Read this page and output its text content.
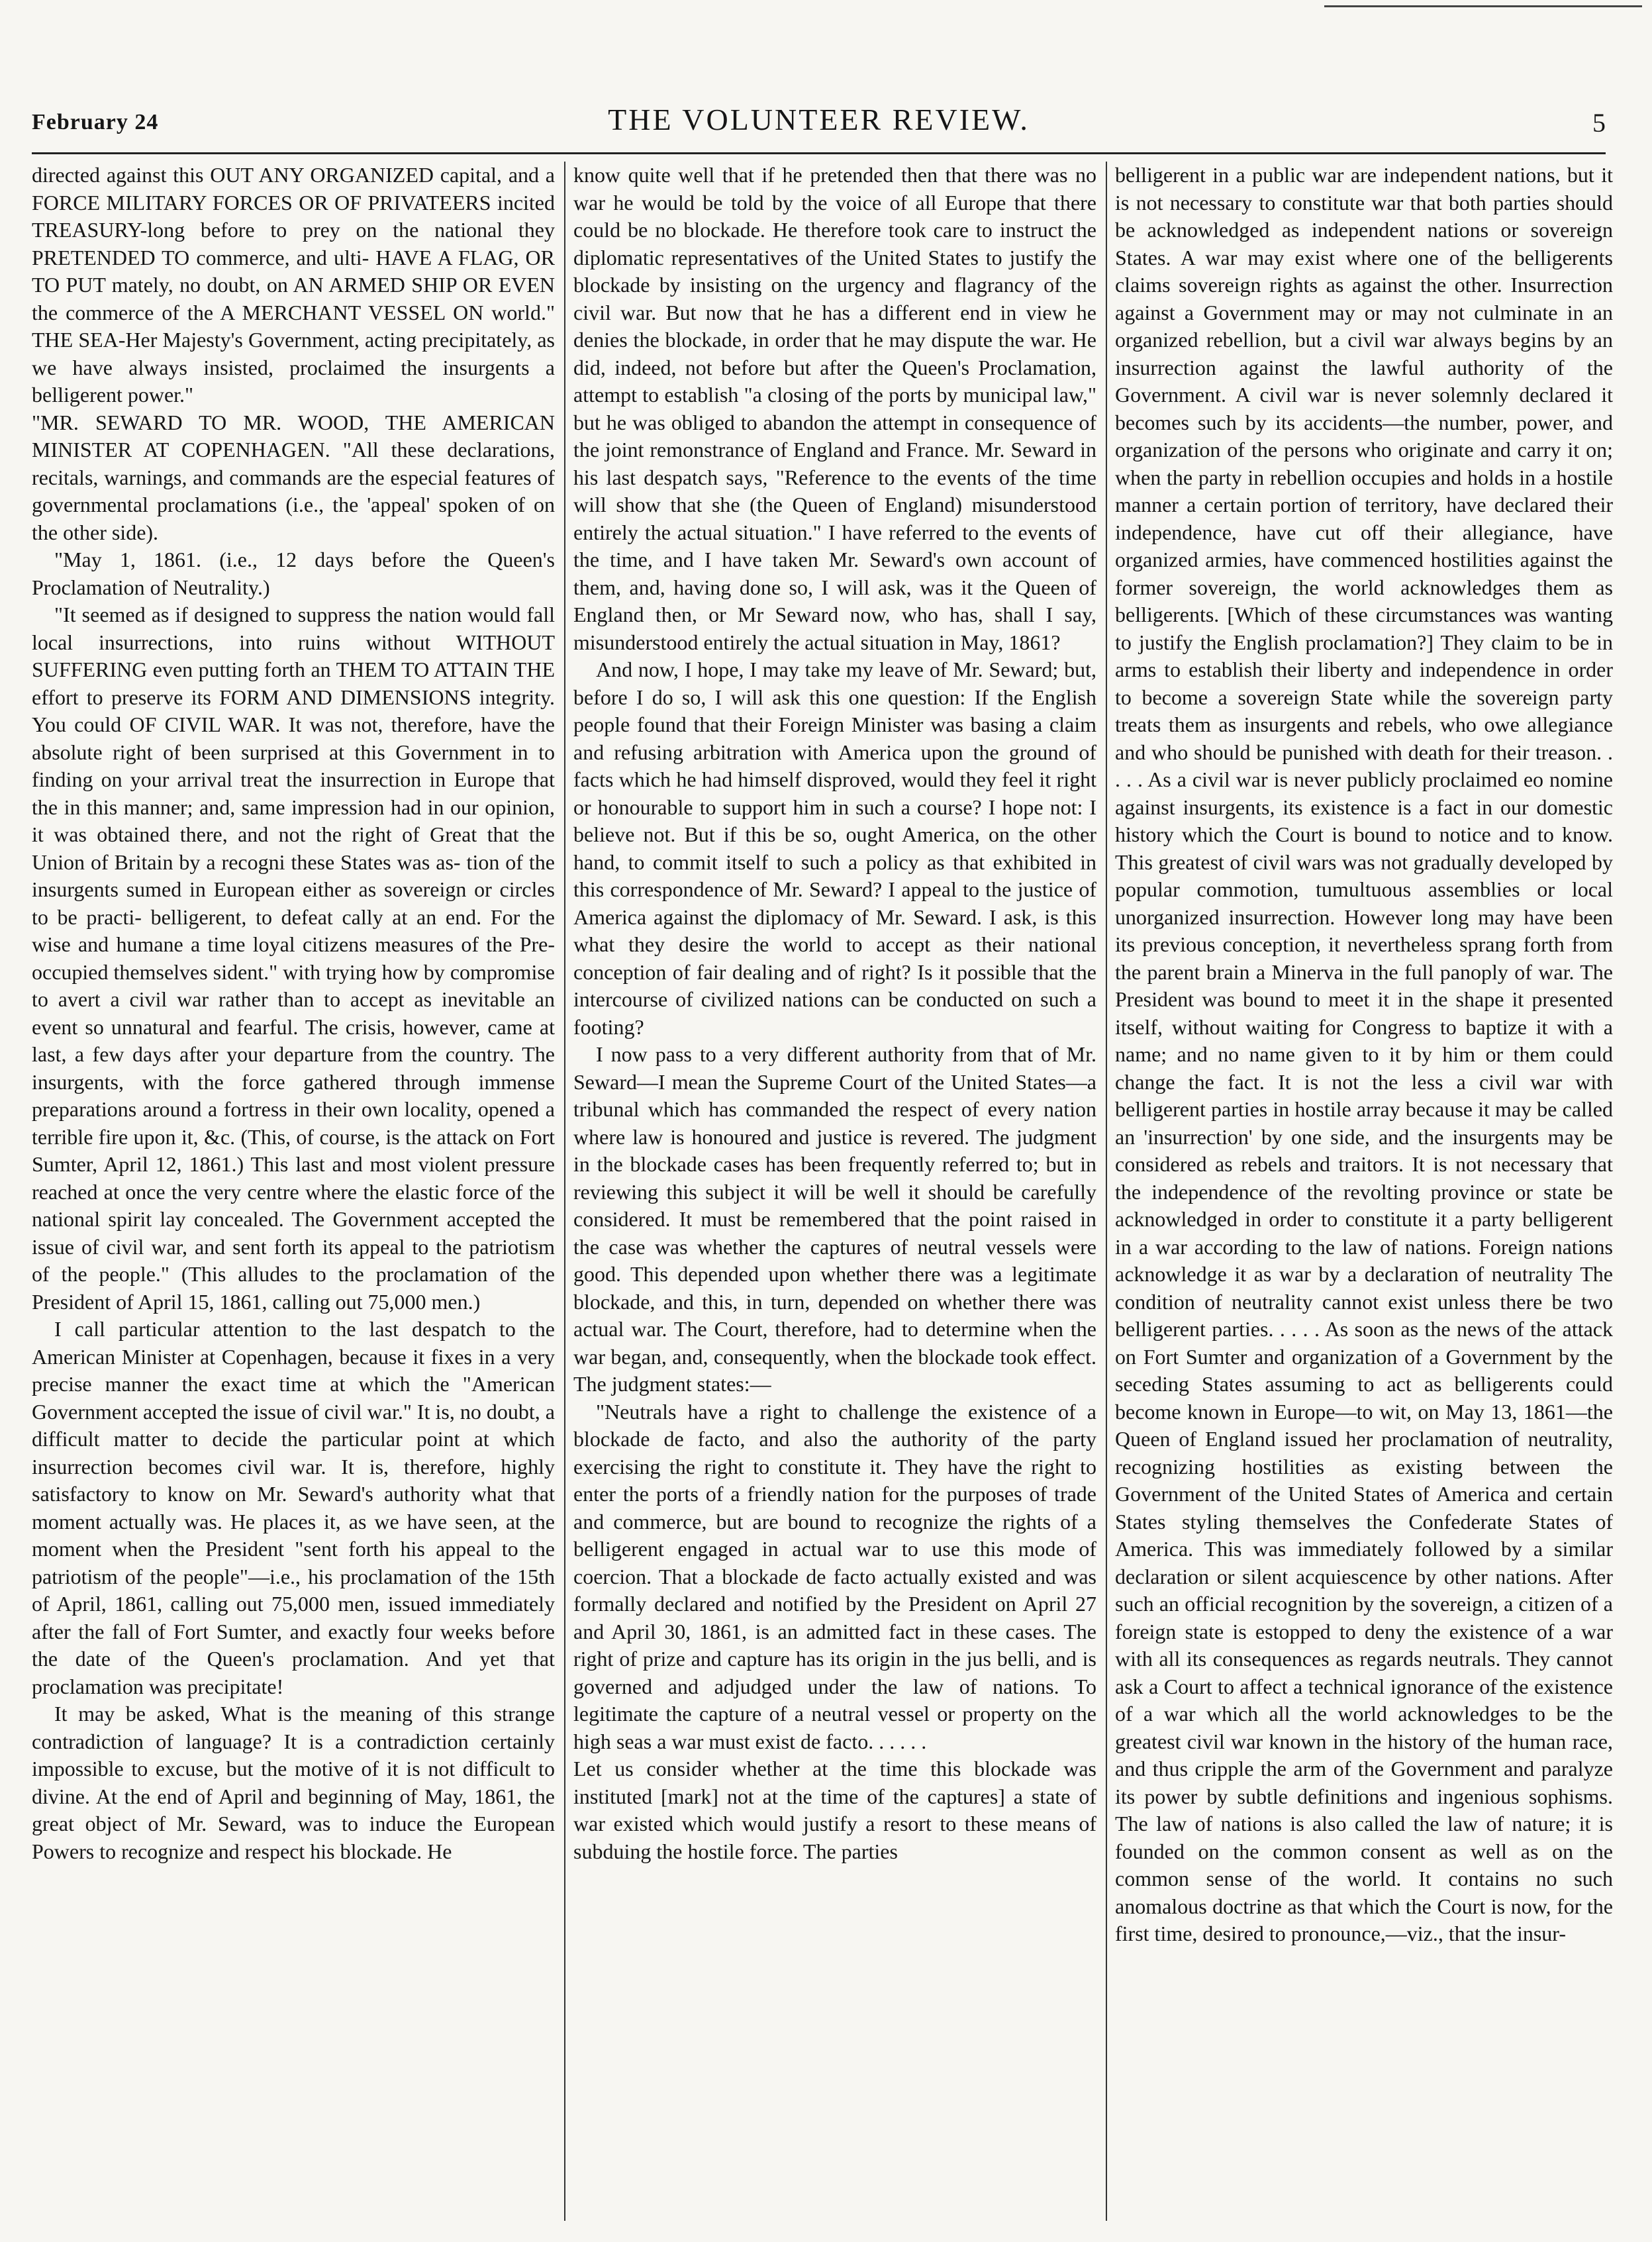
February 24	THE VOLUNTEER REVIEW.	5

directed against this OUT ANY ORGANIZED capital, and a FORCE MILITARY FORCES OR OF PRIVATEERS incited TREASURY-long before to prey on the national they PRETENDED TO commerce, and ulti- HAVE A FLAG, OR TO PUT mately, no doubt, on AN ARMED SHIP OR EVEN the commerce of the A MERCHANT VESSEL ON world." THE SEA-Her Majesty's Government, acting precipitately, as we have always insisted, proclaimed the insurgents a belligerent power."

"MR. SEWARD TO MR. WOOD, THE AMERICAN MINISTER AT COPENHAGEN. "All these declarations, recitals, warnings, and commands are the especial features of governmental proclamations (i.e., the 'appeal' spoken of on the other side).

"May 1, 1861. (i.e., 12 days before the Queen's Proclamation of Neutrality.)

"It seemed as if designed to suppress the nation would fall local insurrections, into ruins without WITHOUT SUFFERING even putting forth an THEM TO ATTAIN THE effort to preserve its FORM AND DIMENSIONS integrity. You could OF CIVIL WAR. It was not, therefore, have the absolute right of been surprised at this Government in to finding on your arrival treat the insurrection in Europe that the in this manner; and, same impression had in our opinion, it was obtained there, and not the right of Great that the Union of Britain by a recogni these States was as- tion of the insurgents sumed in European either as sovereign or circles to be practi- belligerent, to defeat cally at an end. For the wise and humane a time loyal citizens measures of the Pre- occupied themselves sident." with trying how by compromise to avert a civil war rather than to accept as inevitable an event so unnatural and fearful. The crisis, however, came at last, a few days after your departure from the country. The insurgents, with the force gathered through immense preparations around a fortress in their own locality, opened a terrible fire upon it, &c. (This, of course, is the attack on Fort Sumter, April 12, 1861.) This last and most violent pressure reached at once the very centre where the elastic force of the national spirit lay concealed. The Government accepted the issue of civil war, and sent forth its appeal to the patriotism of the people." (This alludes to the proclamation of the President of April 15, 1861, calling out 75,000 men.)

I call particular attention to the last despatch to the American Minister at Copenhagen, because it fixes in a very precise manner the exact time at which the "American Government accepted the issue of civil war." It is, no doubt, a difficult matter to decide the particular point at which insurrection becomes civil war. It is, therefore, highly satisfactory to know on Mr. Seward's authority what that moment actually was. He places it, as we have seen, at the moment when the President "sent forth his appeal to the patriotism of the people"—i.e., his proclamation of the 15th of April, 1861, calling out 75,000 men, issued immediately after the fall of Fort Sumter, and exactly four weeks before the date of the Queen's proclamation. And yet that proclamation was precipitate!

It may be asked, What is the meaning of this strange contradiction of language? It is a contradiction certainly impossible to excuse, but the motive of it is not difficult to divine. At the end of April and beginning of May, 1861, the great object of Mr. Seward, was to induce the European Powers to recognize and respect his blockade. He

know quite well that if he pretended then that there was no war he would be told by the voice of all Europe that there could be no blockade. He therefore took care to instruct the diplomatic representatives of the United States to justify the blockade by insisting on the urgency and flagrancy of the civil war. But now that he has a different end in view he denies the blockade, in order that he may dispute the war. He did, indeed, not before but after the Queen's Proclamation, attempt to establish "a closing of the ports by municipal law," but he was obliged to abandon the attempt in consequence of the joint remonstrance of England and France. Mr. Seward in his last despatch says, "Reference to the events of the time will show that she (the Queen of England) misunderstood entirely the actual situation." I have referred to the events of the time, and I have taken Mr. Seward's own account of them, and, having done so, I will ask, was it the Queen of England then, or Mr Seward now, who has, shall I say, misunderstood entirely the actual situation in May, 1861?

And now, I hope, I may take my leave of Mr. Seward; but, before I do so, I will ask this one question: If the English people found that their Foreign Minister was basing a claim and refusing arbitration with America upon the ground of facts which he had himself disproved, would they feel it right or honourable to support him in such a course? I hope not: I believe not. But if this be so, ought America, on the other hand, to commit itself to such a policy as that exhibited in this correspondence of Mr. Seward? I appeal to the justice of America against the diplomacy of Mr. Seward. I ask, is this what they desire the world to accept as their national conception of fair dealing and of right? Is it possible that the intercourse of civilized nations can be conducted on such a footing?

I now pass to a very different authority from that of Mr. Seward—I mean the Supreme Court of the United States—a tribunal which has commanded the respect of every nation where law is honoured and justice is revered. The judgment in the blockade cases has been frequently referred to; but in reviewing this subject it will be well it should be carefully considered. It must be remembered that the point raised in the case was whether the captures of neutral vessels were good. This depended upon whether there was a legitimate blockade, and this, in turn, depended on whether there was actual war. The Court, therefore, had to determine when the war began, and, consequently, when the blockade took effect. The judgment states:—

"Neutrals have a right to challenge the existence of a blockade de facto, and also the authority of the party exercising the right to constitute it. They have the right to enter the ports of a friendly nation for the purposes of trade and commerce, but are bound to recognize the rights of a belligerent engaged in actual war to use this mode of coercion. That a blockade de facto actually existed and was formally declared and notified by the President on April 27 and April 30, 1861, is an admitted fact in these cases. The right of prize and capture has its origin in the jus belli, and is governed and adjudged under the law of nations. To legitimate the capture of a neutral vessel or property on the high seas a war must exist de facto. . . . . .

Let us consider whether at the time this blockade was instituted [mark] not at the time of the captures] a state of war existed which would justify a resort to these means of subduing the hostile force. The parties

belligerent in a public war are independent nations, but it is not necessary to constitute war that both parties should be acknowledged as independent nations or sovereign States. A war may exist where one of the belligerents claims sovereign rights as against the other. Insurrection against a Government may or may not culminate in an organized rebellion, but a civil war always begins by an insurrection against the lawful authority of the Government. A civil war is never solemnly declared it becomes such by its accidents—the number, power, and organization of the persons who originate and carry it on; when the party in rebellion occupies and holds in a hostile manner a certain portion of territory, have declared their independence, have cut off their allegiance, have organized armies, have commenced hostilities against the former sovereign, the world acknowledges them as belligerents. [Which of these circumstances was wanting to justify the English proclamation?] They claim to be in arms to establish their liberty and independence in order to become a sovereign State while the sovereign party treats them as insurgents and rebels, who owe allegiance and who should be punished with death for their treason. . . . . As a civil war is never publicly proclaimed eo nomine against insurgents, its existence is a fact in our domestic history which the Court is bound to notice and to know. This greatest of civil wars was not gradually developed by popular commotion, tumultuous assemblies or local unorganized insurrection. However long may have been its previous conception, it nevertheless sprang forth from the parent brain a Minerva in the full panoply of war. The President was bound to meet it in the shape it presented itself, without waiting for Congress to baptize it with a name; and no name given to it by him or them could change the fact. It is not the less a civil war with belligerent parties in hostile array because it may be called an 'insurrection' by one side, and the insurgents may be considered as rebels and traitors. It is not necessary that the independence of the revolting province or state be acknowledged in order to constitute it a party belligerent in a war according to the law of nations. Foreign nations acknowledge it as war by a declaration of neutrality The condition of neutrality cannot exist unless there be two belligerent parties. . . . . As soon as the news of the attack on Fort Sumter and organization of a Government by the seceding States assuming to act as belligerents could become known in Europe—to wit, on May 13, 1861—the Queen of England issued her proclamation of neutrality, recognizing hostilities as existing between the Government of the United States of America and certain States styling themselves the Confederate States of America. This was immediately followed by a similar declaration or silent acquiescence by other nations. After such an official recognition by the sovereign, a citizen of a foreign state is estopped to deny the existence of a war with all its consequences as regards neutrals. They cannot ask a Court to affect a technical ignorance of the existence of a war which all the world acknowledges to be the greatest civil war known in the history of the human race, and thus cripple the arm of the Government and paralyze its power by subtle definitions and ingenious sophisms. The law of nations is also called the law of nature; it is founded on the common consent as well as on the common sense of the world. It contains no such anomalous doctrine as that which the Court is now, for the first time, desired to pronounce,—viz., that the insur-
